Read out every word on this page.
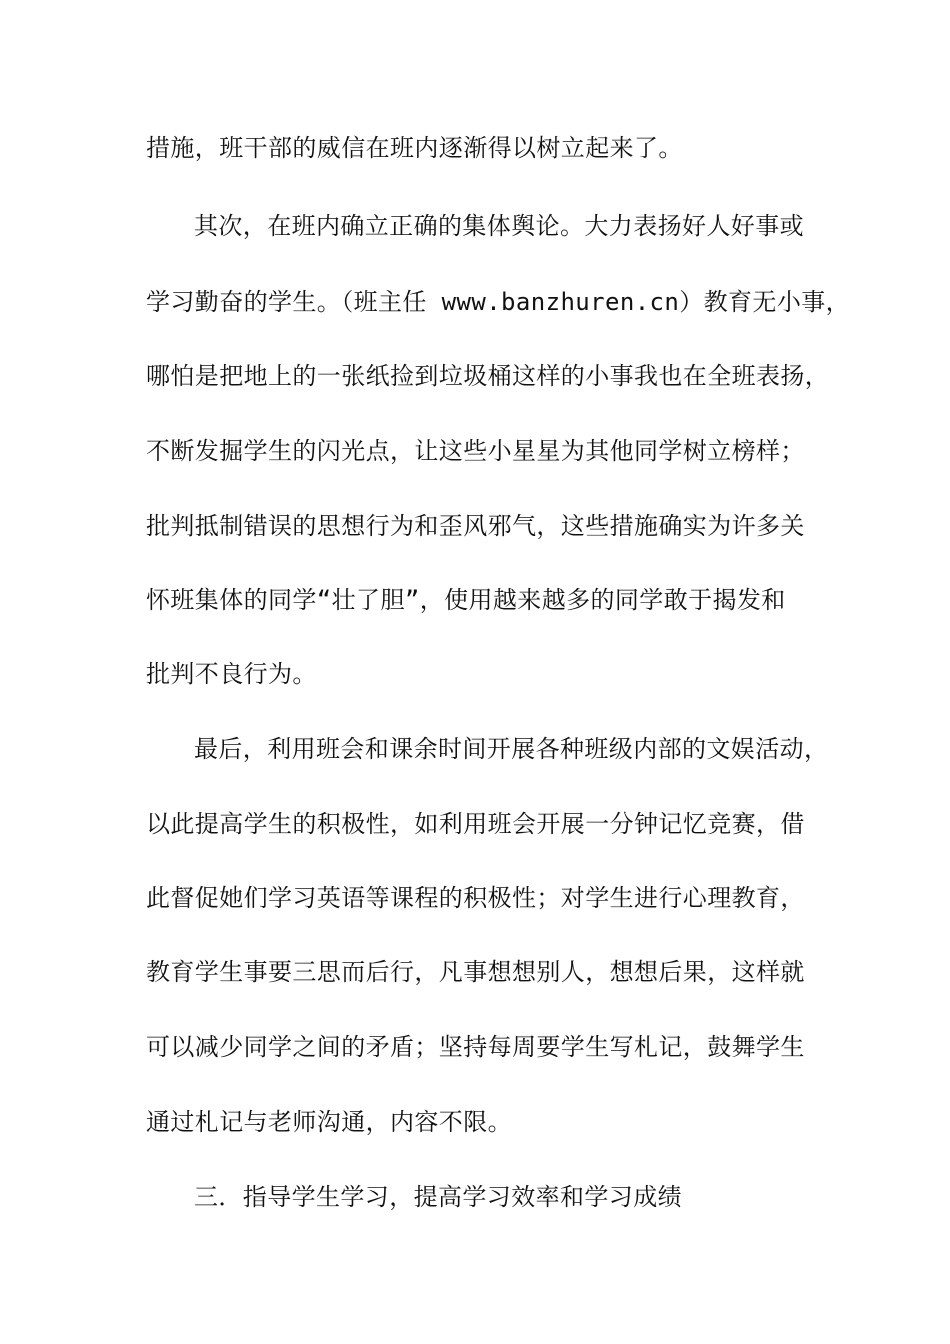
措施，班干部的威信在班内逐渐得以树立起来了。
其次，在班内确立正确的集体舆论。大力表扬好人好事或
学习勤奋的学生。（班主任 www.banzhuren.cn）教育无小事，
哪怕是把地上的一张纸捡到垃圾桶这样的小事我也在全班表扬，
不断发掘学生的闪光点，让这些小星星为其他同学树立榜样；
批判抵制错误的思想行为和歪风邪气，这些措施确实为许多关
怀班集体的同学“壮了胆”，使用越来越多的同学敢于揭发和
批判不良行为。
最后，利用班会和课余时间开展各种班级内部的文娱活动，
以此提高学生的积极性，如利用班会开展一分钟记忆竞赛，借
此督促她们学习英语等课程的积极性；对学生进行心理教育，
教育学生事要三思而后行，凡事想想别人，想想后果，这样就
可以减少同学之间的矛盾；坚持每周要学生写札记，鼓舞学生
通过札记与老师沟通，内容不限。
三．指导学生学习，提高学习效率和学习成绩
